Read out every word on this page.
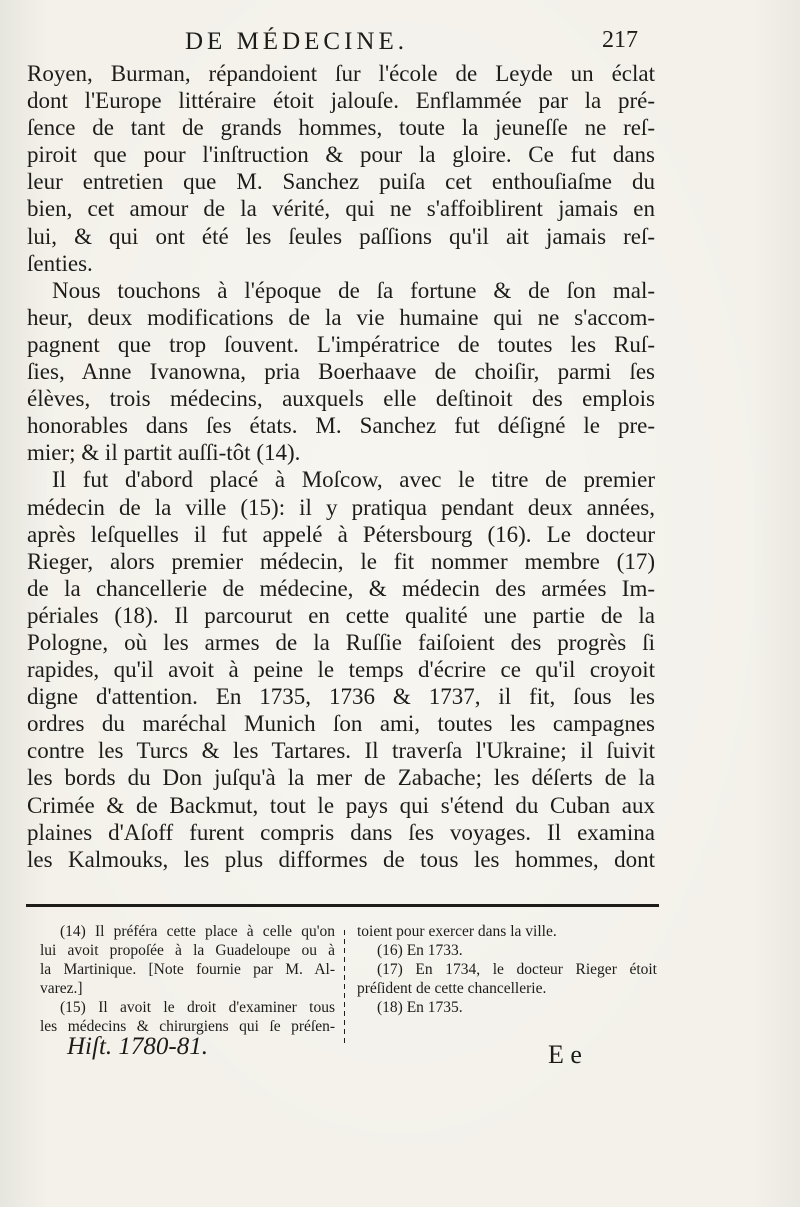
DE MÉDECINE.	217
Royen, Burman, répandoient ſur l'école de Leyde un éclat
dont l'Europe littéraire étoit jalouſe. Enflammée par la pré-
ſence de tant de grands hommes, toute la jeuneſſe ne reſ-
piroit que pour l'inſtruction & pour la gloire. Ce fut dans
leur entretien que M. Sanchez puiſa cet enthouſiaſme du
bien, cet amour de la vérité, qui ne s'affoiblirent jamais en
lui, & qui ont été les ſeules paſſions qu'il ait jamais reſ-
ſenties.
Nous touchons à l'époque de ſa fortune & de ſon mal-
heur, deux modifications de la vie humaine qui ne s'accom-
pagnent que trop ſouvent. L'impératrice de toutes les Ruſ-
ſies, Anne Ivanowna, pria Boerhaave de choiſir, parmi ſes
élèves, trois médecins, auxquels elle deſtinoit des emplois
honorables dans ſes états. M. Sanchez fut déſigné le pre-
mier; & il partit auſſi-tôt (14).
Il fut d'abord placé à Moſcow, avec le titre de premier
médecin de la ville (15): il y pratiqua pendant deux années,
après leſquelles il fut appelé à Pétersbourg (16). Le docteur
Rieger, alors premier médecin, le fit nommer membre (17)
de la chancellerie de médecine, & médecin des armées Im-
périales (18). Il parcourut en cette qualité une partie de la
Pologne, où les armes de la Ruſſie faiſoient des progrès ſi
rapides, qu'il avoit à peine le temps d'écrire ce qu'il croyoit
digne d'attention. En 1735, 1736 & 1737, il fit, ſous les
ordres du maréchal Munich ſon ami, toutes les campagnes
contre les Turcs & les Tartares. Il traverſa l'Ukraine; il ſuivit
les bords du Don juſqu'à la mer de Zabache; les déſerts de la
Crimée & de Backmut, tout le pays qui s'étend du Cuban aux
plaines d'Aſoff furent compris dans ſes voyages. Il examina
les Kalmouks, les plus difformes de tous les hommes, dont
(14) Il préféra cette place à celle qu'on
lui avoit propoſée à la Guadeloupe ou à
la Martinique. [Note fournie par M. Al-
varez.]
(15) Il avoit le droit d'examiner tous
les médecins & chirurgiens qui ſe préſen-
toient pour exercer dans la ville.
(16) En 1733.
(17) En 1734, le docteur Rieger étoit
préſident de cette chancellerie.
(18) En 1735.
Hiſt. 1780-81.	E e
